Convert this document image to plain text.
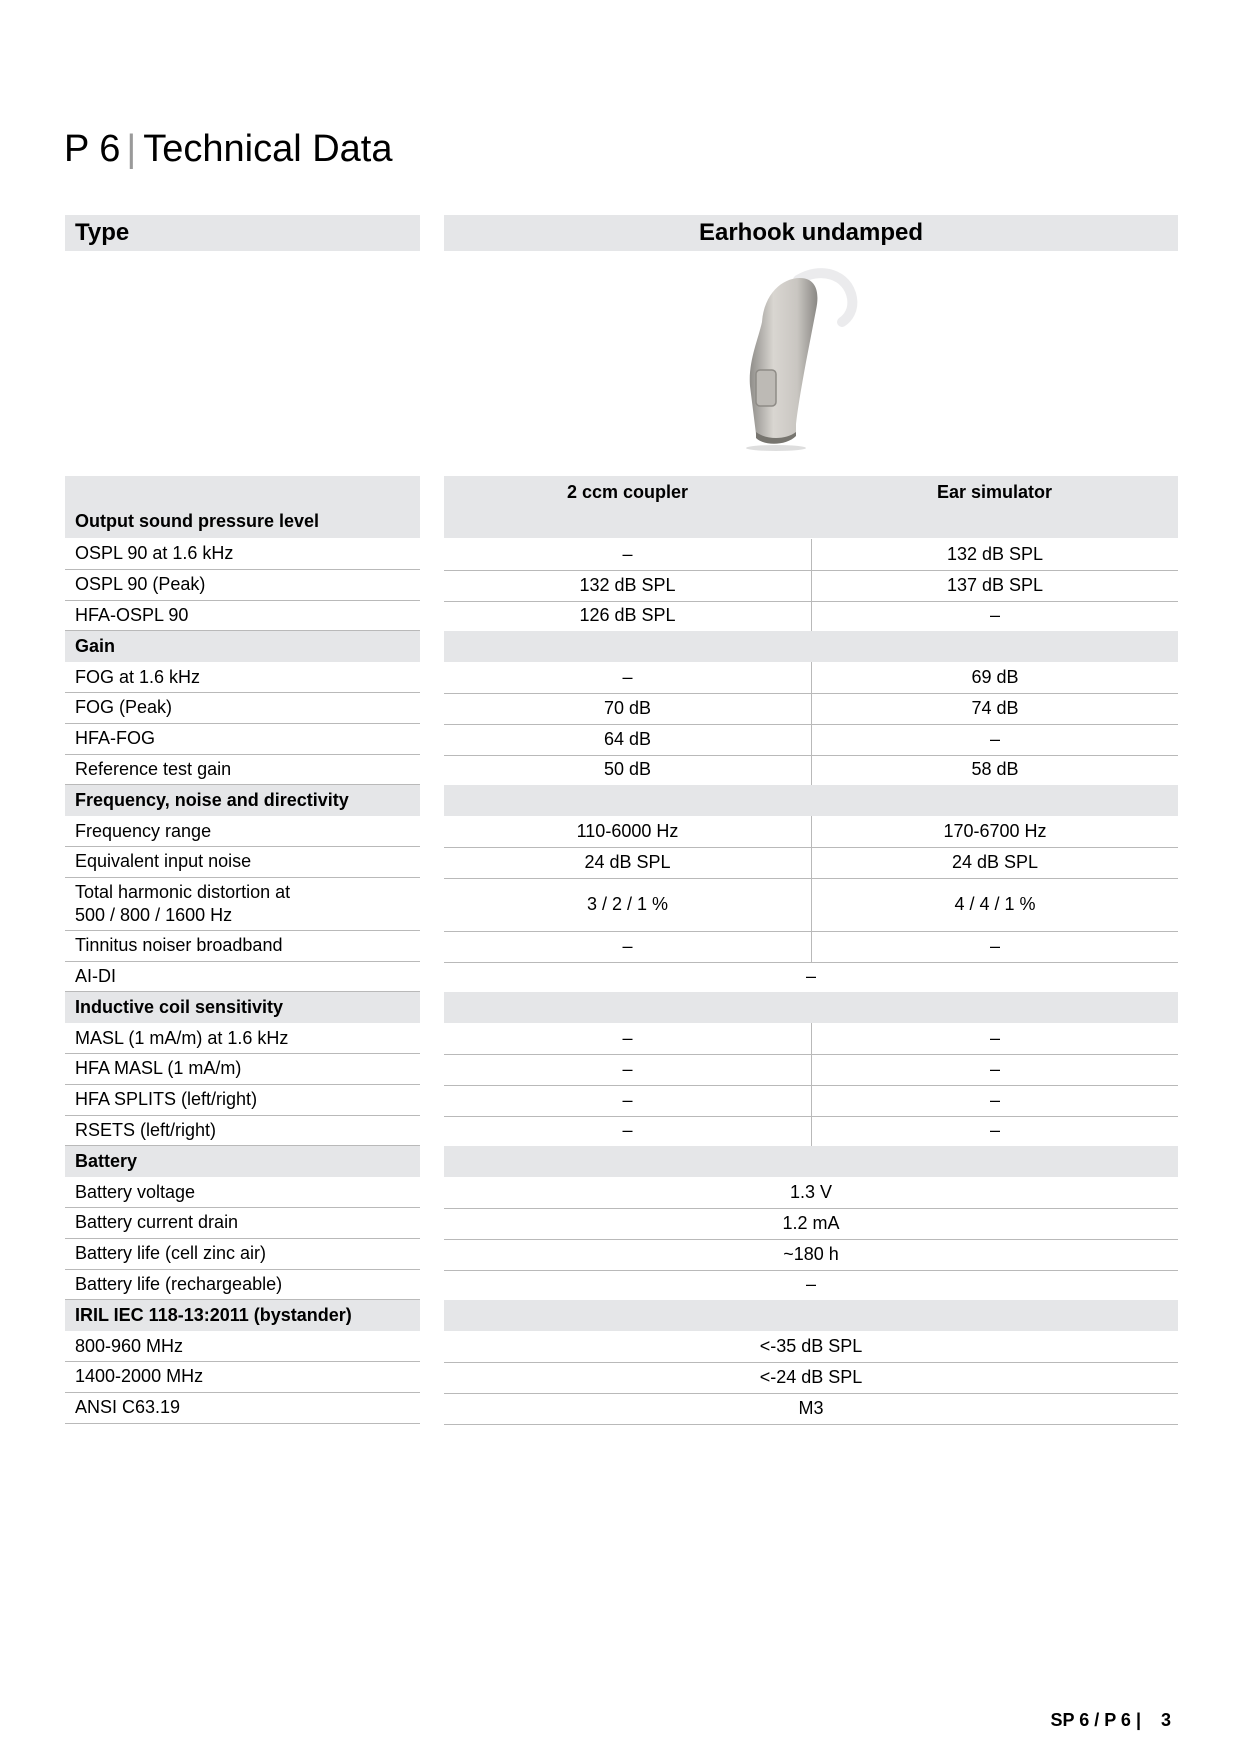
P 6 | Technical Data
Type	Earhook undamped
Output sound pressure level
2 ccm coupler	Ear simulator
OSPL 90 at 1.6 kHz	–	132 dB SPL
OSPL 90 (Peak)	132 dB SPL	137 dB SPL
HFA-OSPL 90	126 dB SPL	–
Gain
FOG at 1.6 kHz	–	69 dB
FOG (Peak)	70 dB	74 dB
HFA-FOG	64 dB	–
Reference test gain	50 dB	58 dB
Frequency, noise and directivity
Frequency range	110-6000 Hz	170-6700 Hz
Equivalent input noise	24 dB SPL	24 dB SPL
Total harmonic distortion at
500 / 800 / 1600 Hz
3 / 2 / 1 %	4 / 4 / 1 %
Tinnitus noiser broadband	–	–
AI-DI	–
Inductive coil sensitivity
MASL (1 mA/m) at 1.6 kHz	–	–
HFA MASL (1 mA/m)	–	–
HFA SPLITS (left/right)	–	–
RSETS (left/right)	–	–
Battery
Battery voltage	1.3 V
Battery current drain	1.2 mA
Battery life (cell zinc air)	~180 h
Battery life (rechargeable)	–
IRIL IEC 118-13:2011 (bystander)
800-960 MHz	<-35 dB SPL
1400-2000 MHz	<-24 dB SPL
ANSI C63.19	M3
SP 6 / P 6 |    3
